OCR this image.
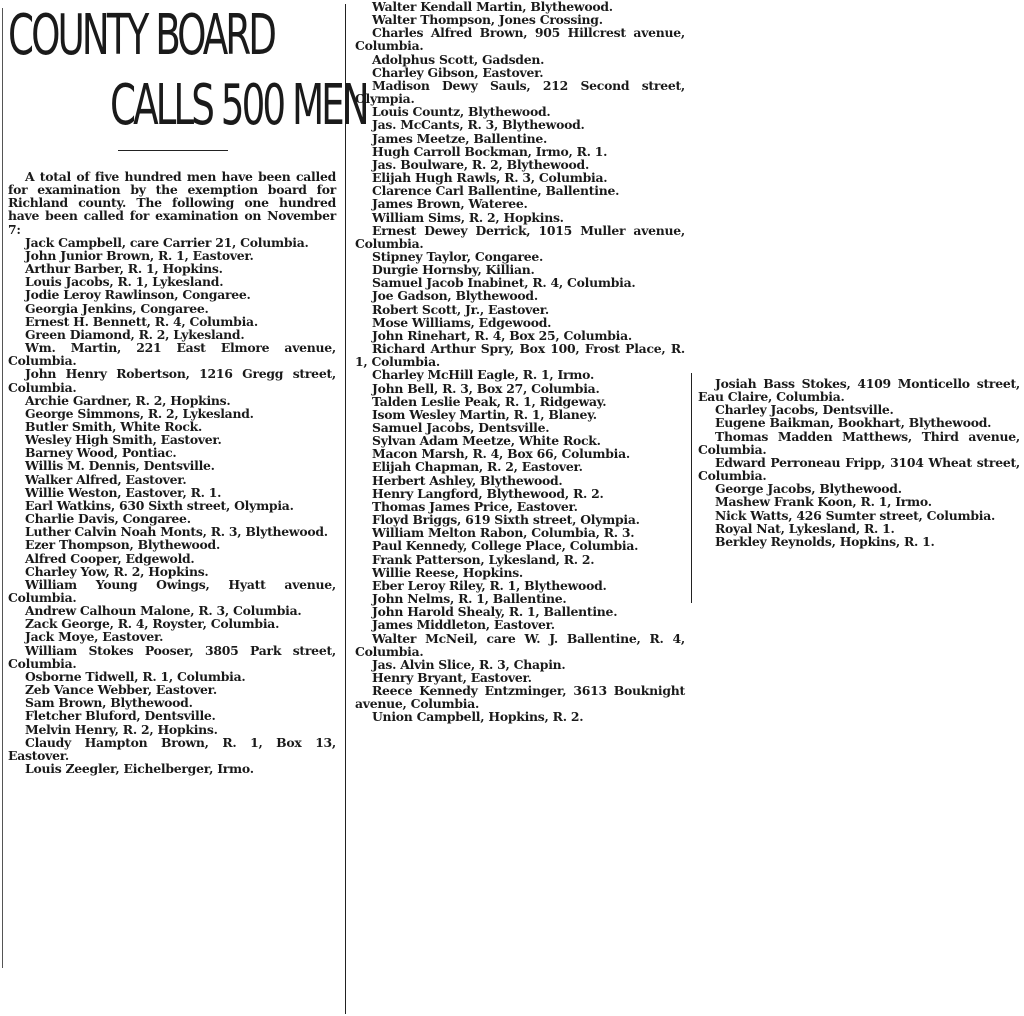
COUNTY BOARD
CALLS 500 MEN

A total of five hundred men have been called for examination by the exemption board for Richland county. The following one hundred have been called for examination on November 7:

Jack Campbell, care Carrier 21, Columbia.

John Junior Brown, R. 1, Eastover.

Arthur Barber, R. 1, Hopkins.

Louis Jacobs, R. 1, Lykesland.

Jodie Leroy Rawlinson, Congaree.

Georgia Jenkins, Congaree.

Ernest H. Bennett, R. 4, Columbia.

Green Diamond, R. 2, Lykesland.

Wm. Martin, 221 East Elmore avenue, Columbia.

John Henry Robertson, 1216 Gregg street, Columbia.

Archie Gardner, R. 2, Hopkins.

George Simmons, R. 2, Lykesland.

Butler Smith, White Rock.

Wesley High Smith, Eastover.

Barney Wood, Pontiac.

Willis M. Dennis, Dentsville.

Walker Alfred, Eastover.

Willie Weston, Eastover, R. 1.

Earl Watkins, 630 Sixth street, Olympia.

Charlie Davis, Congaree.

Luther Calvin Noah Monts, R. 3, Blythewood.

Ezer Thompson, Blythewood.

Alfred Cooper, Edgewold.

Charley Yow, R. 2, Hopkins.

William Young Owings, Hyatt avenue, Columbia.

Andrew Calhoun Malone, R. 3, Columbia.

Zack George, R. 4, Royster, Columbia.

Jack Moye, Eastover.

William Stokes Pooser, 3805 Park street, Columbia.

Osborne Tidwell, R. 1, Columbia.

Zeb Vance Webber, Eastover.

Sam Brown, Blythewood.

Fletcher Bluford, Dentsville.

Melvin Henry, R. 2, Hopkins.

Claudy Hampton Brown, R. 1, Box 13, Eastover.

Louis Zeegler, Eichelberger, Irmo.

Walter Kendall Martin, Blythewood.

Walter Thompson, Jones Crossing.

Charles Alfred Brown, 905 Hillcrest avenue, Columbia.

Adolphus Scott, Gadsden.

Charley Gibson, Eastover.

Madison Dewy Sauls, 212 Second street, Olympia.

Louis Countz, Blythewood.

Jas. McCants, R. 3, Blythewood.

James Meetze, Ballentine.

Hugh Carroll Bockman, Irmo, R. 1.

Jas. Boulware, R. 2, Blythewood.

Elijah Hugh Rawls, R. 3, Columbia.

Clarence Carl Ballentine, Ballentine.

James Brown, Wateree.

William Sims, R. 2, Hopkins.

Ernest Dewey Derrick, 1015 Muller avenue, Columbia.

Stipney Taylor, Congaree.

Durgie Hornsby, Killian.

Samuel Jacob Inabinet, R. 4, Columbia.

Joe Gadson, Blythewood.

Robert Scott, Jr., Eastover.

Mose Williams, Edgewood.

John Rinehart, R. 4, Box 25, Columbia.

Richard Arthur Spry, Box 100, Frost Place, R. 1, Columbia.

Charley McHill Eagle, R. 1, Irmo.

John Bell, R. 3, Box 27, Columbia.

Talden Leslie Peak, R. 1, Ridgeway.

Isom Wesley Martin, R. 1, Blaney.

Samuel Jacobs, Dentsville.

Sylvan Adam Meetze, White Rock.

Macon Marsh, R. 4, Box 66, Columbia.

Elijah Chapman, R. 2, Eastover.

Herbert Ashley, Blythewood.

Henry Langford, Blythewood, R. 2.

Thomas James Price, Eastover.

Floyd Briggs, 619 Sixth street, Olympia.

William Melton Rabon, Columbia, R. 3.

Paul Kennedy, College Place, Columbia.

Frank Patterson, Lykesland, R. 2.

Willie Reese, Hopkins.

Eber Leroy Riley, R. 1, Blythewood.

John Nelms, R. 1, Ballentine.

John Harold Shealy, R. 1, Ballentine.

James Middleton, Eastover.

Walter McNeil, care W. J. Ballentine, R. 4, Columbia.

Jas. Alvin Slice, R. 3, Chapin.

Henry Bryant, Eastover.

Reece Kennedy Entzminger, 3613 Bouknight avenue, Columbia.

Union Campbell, Hopkins, R. 2.

Josiah Bass Stokes, 4109 Monticello street, Eau Claire, Columbia.

Charley Jacobs, Dentsville.

Eugene Baikman, Bookhart, Blythewood.

Thomas Madden Matthews, Third avenue, Columbia.

Edward Perroneau Fripp, 3104 Wheat street, Columbia.

George Jacobs, Blythewood.

Mashew Frank Koon, R. 1, Irmo.

Nick Watts, 426 Sumter street, Columbia.

Royal Nat, Lykesland, R. 1.

Berkley Reynolds, Hopkins, R. 1.
